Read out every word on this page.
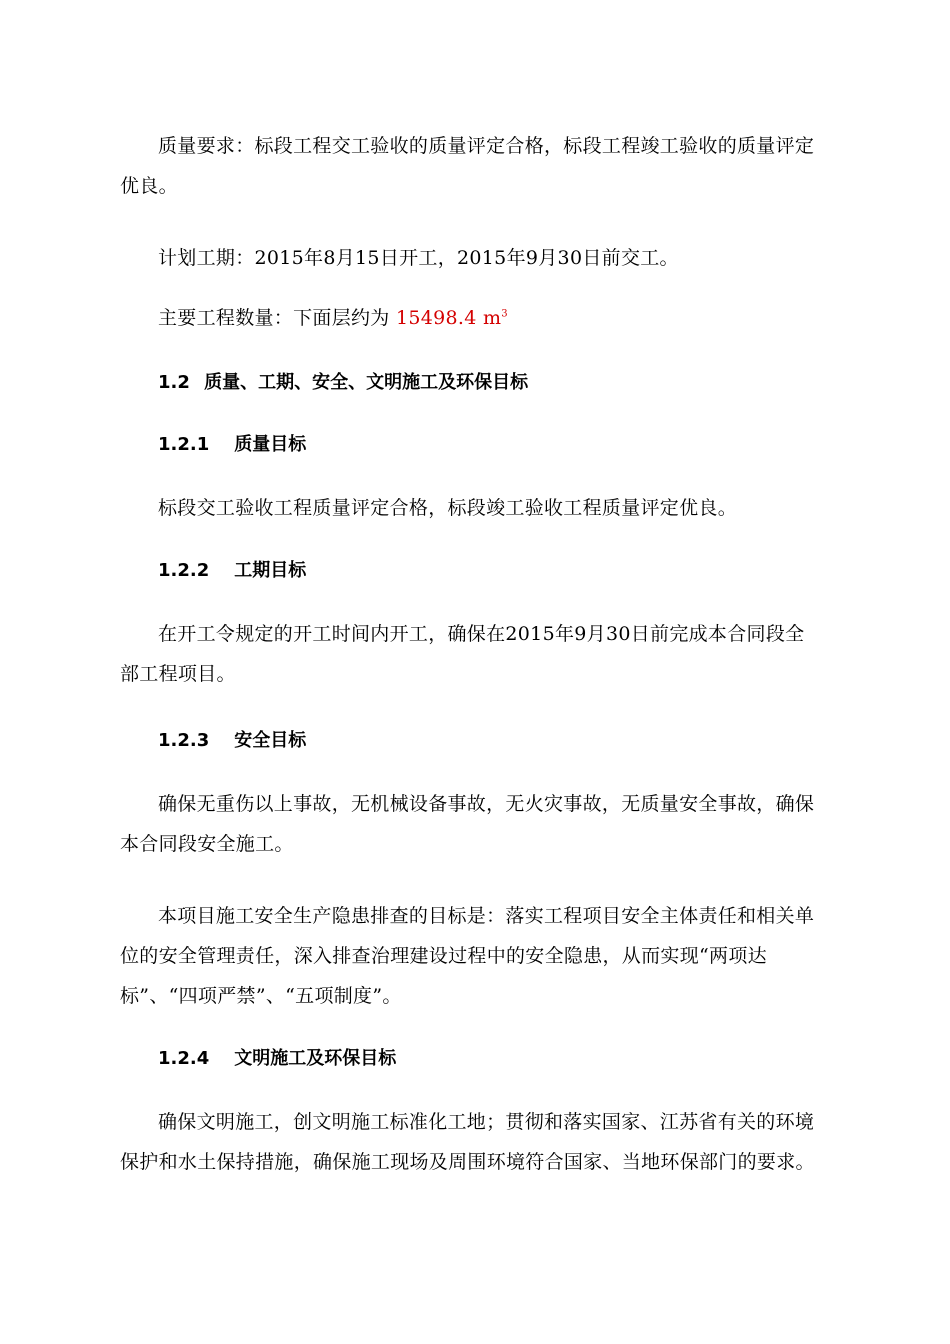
质量要求：标段工程交工验收的质量评定合格，标段工程竣工验收的质量评定优良。
计划工期：2015年8月15日开工，2015年9月30日前交工。
主要工程数量：下面层约为 15498.4 $m^3$
1.2 质量、工期、安全、文明施工及环保目标
1.2.1 质量目标
标段交工验收工程质量评定合格，标段竣工验收工程质量评定优良。
1.2.2 工期目标
在开工令规定的开工时间内开工，确保在2015年9月30日前完成本合同段全部工程项目。
1.2.3 安全目标
确保无重伤以上事故，无机械设备事故，无火灾事故，无质量安全事故，确保本合同段安全施工。
本项目施工安全生产隐患排查的目标是：落实工程项目安全主体责任和相关单位的安全管理责任，深入排查治理建设过程中的安全隐患，从而实现“两项达标”、“四项严禁”、“五项制度”。
1.2.4 文明施工及环保目标
确保文明施工，创文明施工标准化工地；贯彻和落实国家、江苏省有关的环境保护和水土保持措施，确保施工现场及周围环境符合国家、当地环保部门的要求。
